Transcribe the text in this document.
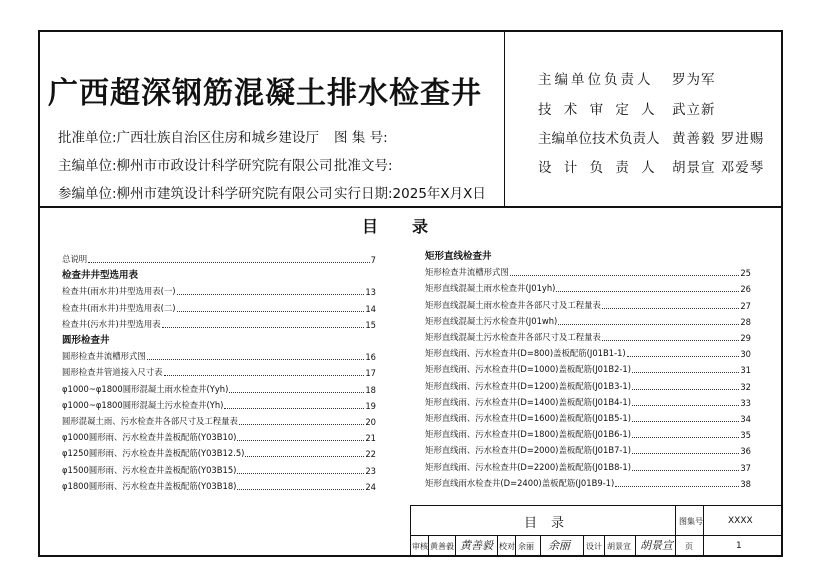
广西超深钢筋混凝土排水检查井
批准单位:广西壮族自治区住房和城乡建设厅
主编单位:柳州市市政设计科学研究院有限公司
参编单位:柳州市建筑设计科学研究院有限公司
图 集 号:
批准文号:
实行日期:2025年X月X日
主编单位负责人 罗为军
技 术 审 定 人 武立新
主编单位技术负责人 黄善毅 罗进赐
设 计 负 责 人 胡景宣 邓爱琴
目录
总说明	7
检查井井型选用表
检查井(雨水井)井型选用表(一)	13
检查井(雨水井)井型选用表(二)	14
检查井(污水井)井型选用表	15
圆形检查井
圆形检查井流槽形式图	16
圆形检查井管道接入尺寸表	17
φ1000~φ1800圆形混凝土雨水检查井(Yyh)	18
φ1000~φ1800圆形混凝土污水检查井(Yh)	19
圆形混凝土雨、污水检查井各部尺寸及工程量表	20
φ1000圆形雨、污水检查井盖板配筋(Y03B10)	21
φ1250圆形雨、污水检查井盖板配筋(Y03B12.5)	22
φ1500圆形雨、污水检查井盖板配筋(Y03B15)	23
φ1800圆形雨、污水检查井盖板配筋(Y03B18)	24
矩形直线检查井
矩形检查井流槽形式图	25
矩形直线混凝土雨水检查井(J01yh)	26
矩形直线混凝土雨水检查井各部尺寸及工程量表	27
矩形直线混凝土污水检查井(J01wh)	28
矩形直线混凝土污水检查井各部尺寸及工程量表	29
矩形直线雨、污水检查井(D=800)盖板配筋(J01B1-1)	30
矩形直线雨、污水检查井(D=1000)盖板配筋(J01B2-1)	31
矩形直线雨、污水检查井(D=1200)盖板配筋(J01B3-1)	32
矩形直线雨、污水检查井(D=1400)盖板配筋(J01B4-1)	33
矩形直线雨、污水检查井(D=1600)盖板配筋(J01B5-1)	34
矩形直线雨、污水检查井(D=1800)盖板配筋(J01B6-1)	35
矩形直线雨、污水检查井(D=2000)盖板配筋(J01B7-1)	36
矩形直线雨、污水检查井(D=2200)盖板配筋(J01B8-1)	37
矩形直线雨水检查井(D=2400)盖板配筋(J01B9-1)	38
目录	图集号	XXXX
审核 黄善毅 黄善毅 校对 余丽 余丽 设计 胡景宣 胡景宣 页	1
